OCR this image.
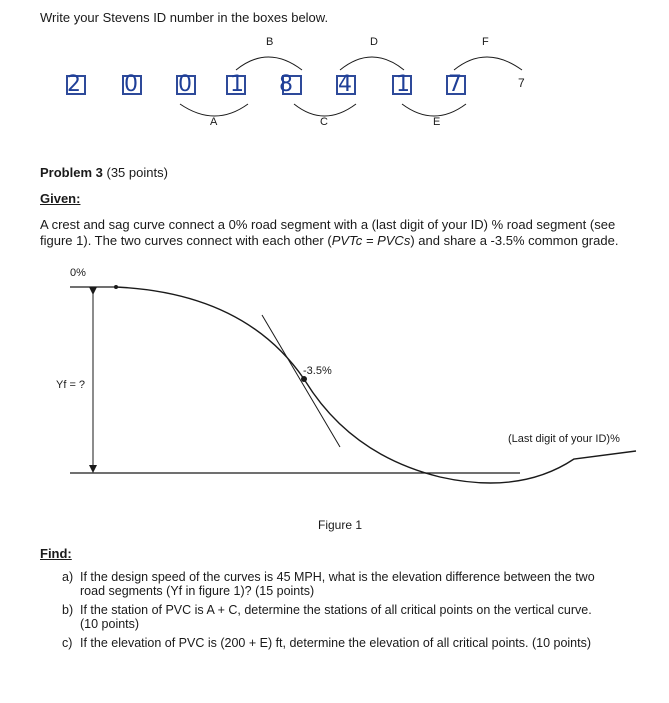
Write your Stevens ID number in the boxes below.
A	C	E
B	D	F
2 0 0 1 8 4 1 7	7
Problem 3 (35 points)
Given:
A crest and sag curve connect a 0% road segment with a (last digit of your ID) % road segment (see
figure 1). The two curves connect with each other (PVTc = PVCs) and share a -3.5% common grade.
0%
Yf = ?
-3.5%
(Last digit of your ID)%
Figure 1
Find:
a) If the design speed of the curves is 45 MPH, what is the elevation difference between the two
road segments (Yf in figure 1)? (15 points)
b) If the station of PVC is A + C, determine the stations of all critical points on the vertical curve.
(10 points)
c) If the elevation of PVC is (200 + E) ft, determine the elevation of all critical points. (10 points)
